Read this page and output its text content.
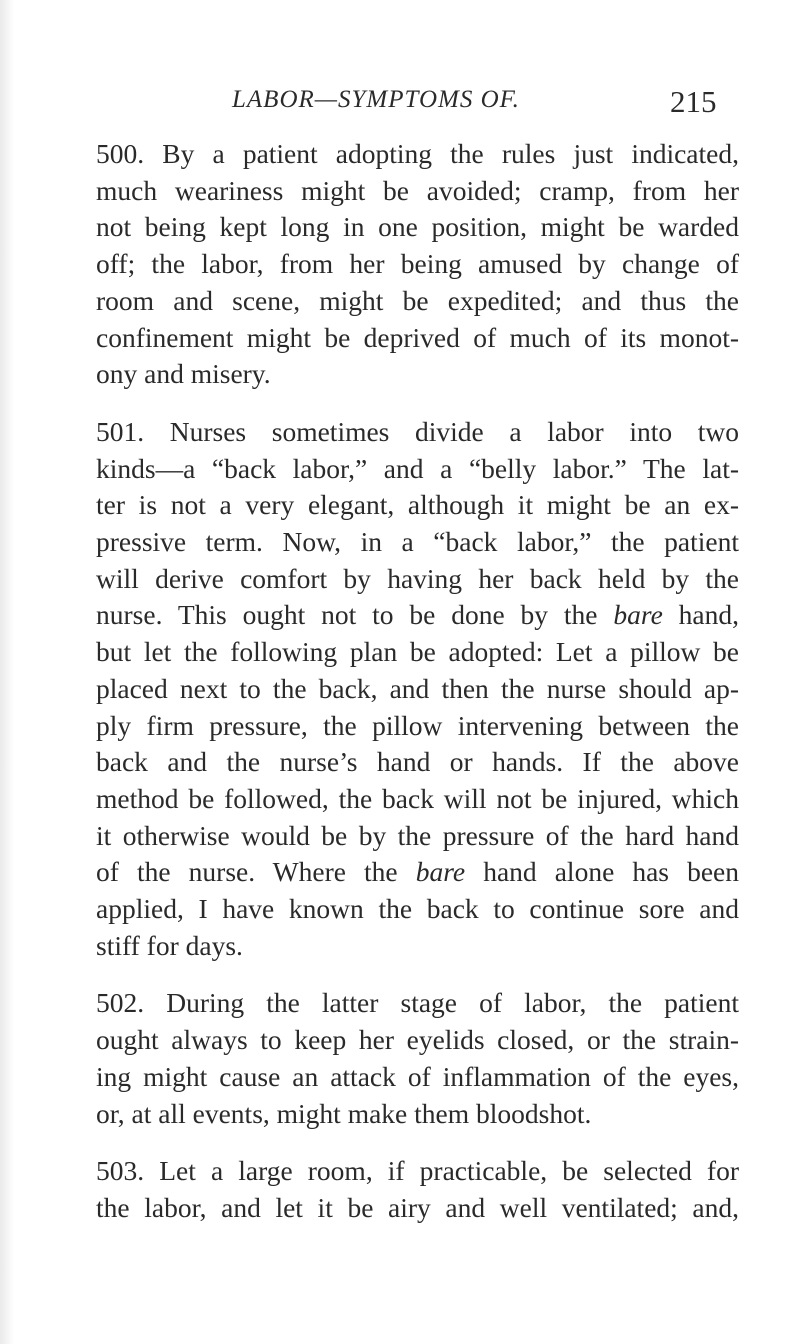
LABOR—SYMPTOMS OF.	215

500. By a patient adopting the rules just indicated,
much weariness might be avoided; cramp, from her
not being kept long in one position, might be warded
off; the labor, from her being amused by change of
room and scene, might be expedited; and thus the
confinement might be deprived of much of its monot-
ony and misery.

501. Nurses sometimes divide a labor into two
kinds—a “back labor,” and a “belly labor.” The lat-
ter is not a very elegant, although it might be an ex-
pressive term. Now, in a “back labor,” the patient
will derive comfort by having her back held by the
nurse. This ought not to be done by the bare hand,
but let the following plan be adopted: Let a pillow be
placed next to the back, and then the nurse should ap-
ply firm pressure, the pillow intervening between the
back and the nurse’s hand or hands. If the above
method be followed, the back will not be injured, which
it otherwise would be by the pressure of the hard hand
of the nurse. Where the bare hand alone has been
applied, I have known the back to continue sore and
stiff for days.

502. During the latter stage of labor, the patient
ought always to keep her eyelids closed, or the strain-
ing might cause an attack of inflammation of the eyes,
or, at all events, might make them bloodshot.

503. Let a large room, if practicable, be selected for
the labor, and let it be airy and well ventilated; and,
